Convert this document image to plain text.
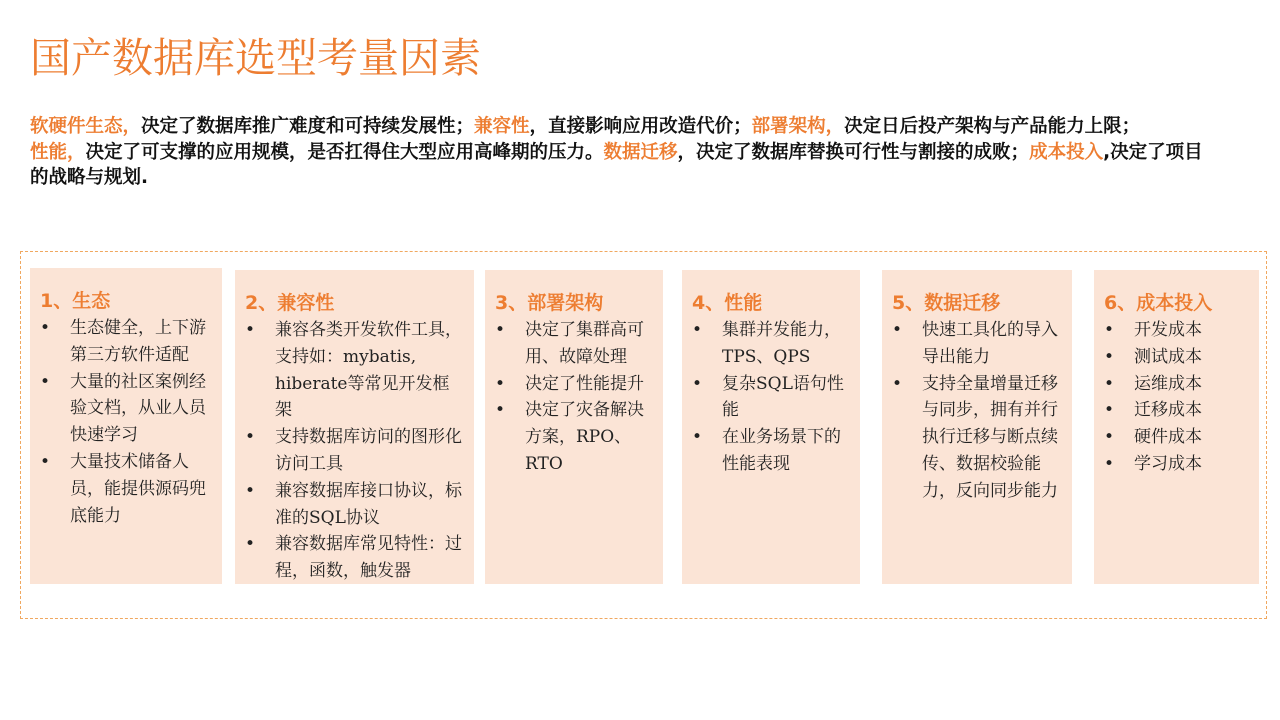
国产数据库选型考量因素

软硬件生态，决定了数据库推广难度和可持续发展性；兼容性，直接影响应用改造代价；部署架构，决定日后投产架构与产品能力上限；

性能，决定了可支撑的应用规模，是否扛得住大型应用高峰期的压力。数据迁移，决定了数据库替换可行性与割接的成败；成本投入,决定了项目的战略与规划.

1、生态
• 生态健全，上下游第三方软件适配
• 大量的社区案例经验文档，从业人员快速学习
• 大量技术储备人员，能提供源码兜底能力
2、兼容性
• 兼容各类开发软件工具，支持如：mybatis, hiberate等常见开发框架
• 支持数据库访问的图形化访问工具
• 兼容数据库接口协议，标准的SQL协议
• 兼容数据库常见特性：过程，函数，触发器
3、部署架构
• 决定了集群高可用、故障处理
• 决定了性能提升
• 决定了灾备解决方案，RPO、RTO
4、性能
• 集群并发能力，TPS、QPS
• 复杂SQL语句性能
• 在业务场景下的性能表现
5、数据迁移
• 快速工具化的导入导出能力
• 支持全量增量迁移与同步，拥有并行执行迁移与断点续传、数据校验能力，反向同步能力
6、成本投入
• 开发成本
• 测试成本
• 运维成本
• 迁移成本
• 硬件成本
• 学习成本
